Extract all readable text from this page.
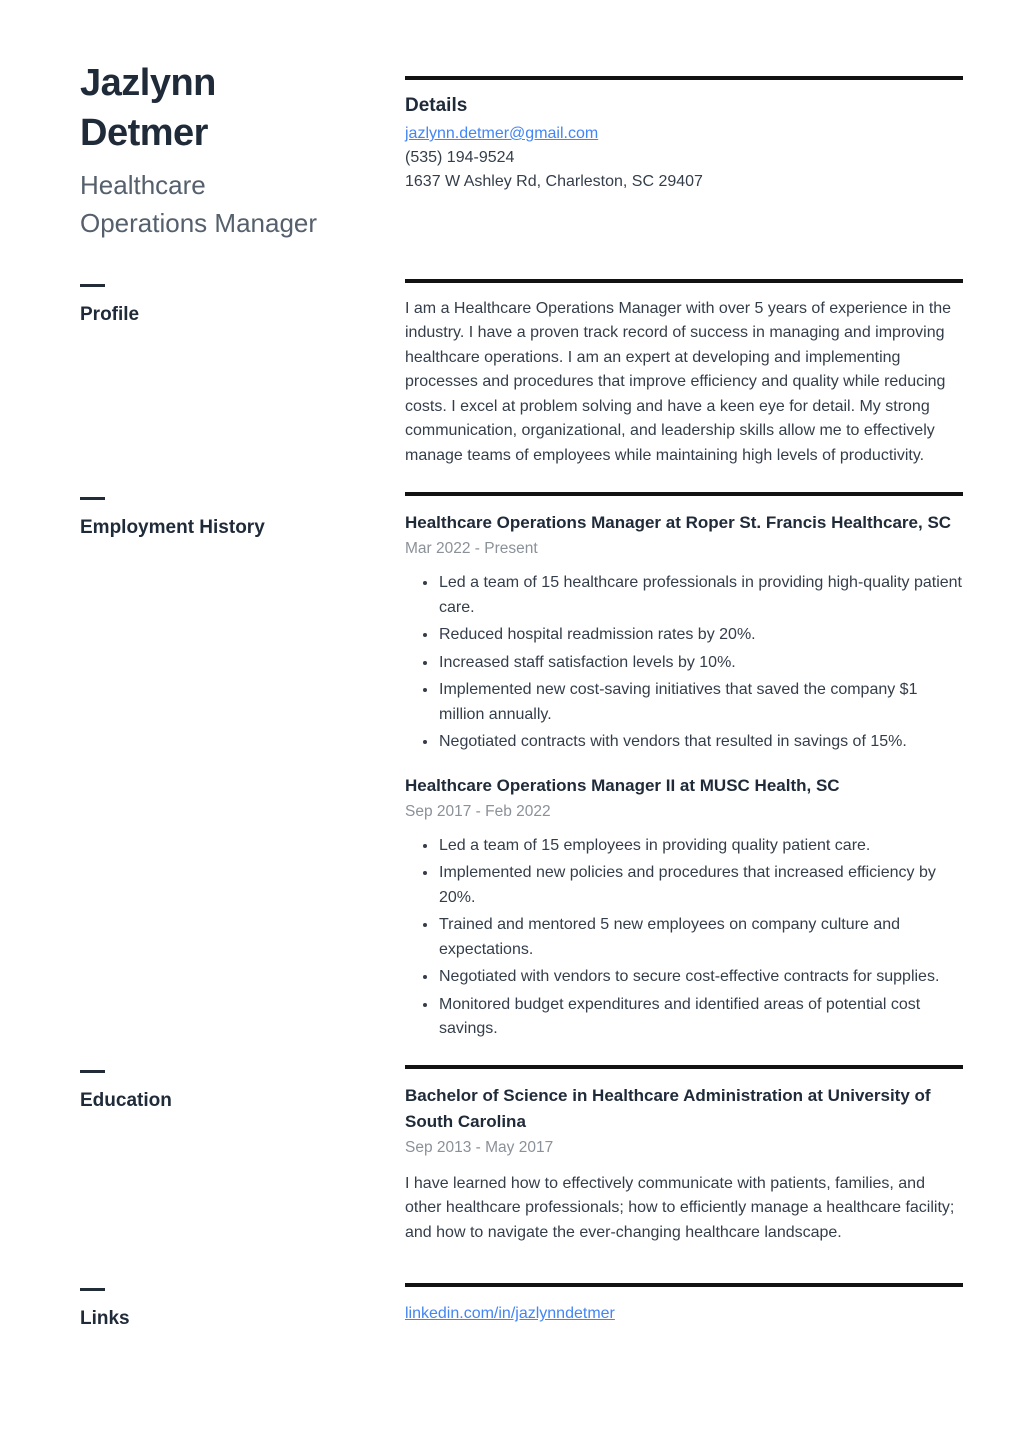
Jazlynn Detmer
Healthcare Operations Manager
Details
jazlynn.detmer@gmail.com
(535) 194-9524
1637 W Ashley Rd, Charleston, SC 29407
Profile	I am a Healthcare Operations Manager with over 5 years of experience in the industry. I have a proven track record of success in managing and improving healthcare operations. I am an expert at developing and implementing processes and procedures that improve efficiency and quality while reducing costs. I excel at problem solving and have a keen eye for detail. My strong communication, organizational, and leadership skills allow me to effectively manage teams of employees while maintaining high levels of productivity.

Employment History	Healthcare Operations Manager at Roper St. Francis Healthcare, SC
Mar 2022 - Present
• Led a team of 15 healthcare professionals in providing high-quality patient care.
• Reduced hospital readmission rates by 20%.
• Increased staff satisfaction levels by 10%.
• Implemented new cost-saving initiatives that saved the company $1 million annually.
• Negotiated contracts with vendors that resulted in savings of 15%.
Healthcare Operations Manager II at MUSC Health, SC
Sep 2017 - Feb 2022
• Led a team of 15 employees in providing quality patient care.
• Implemented new policies and procedures that increased efficiency by 20%.
• Trained and mentored 5 new employees on company culture and expectations.
• Negotiated with vendors to secure cost-effective contracts for supplies.
• Monitored budget expenditures and identified areas of potential cost savings.
Education	Bachelor of Science in Healthcare Administration at University of South Carolina
Sep 2013 - May 2017

I have learned how to effectively communicate with patients, families, and other healthcare professionals; how to efficiently manage a healthcare facility; and how to navigate the ever-changing healthcare landscape.

Links	linkedin.com/in/jazlynndetmer
